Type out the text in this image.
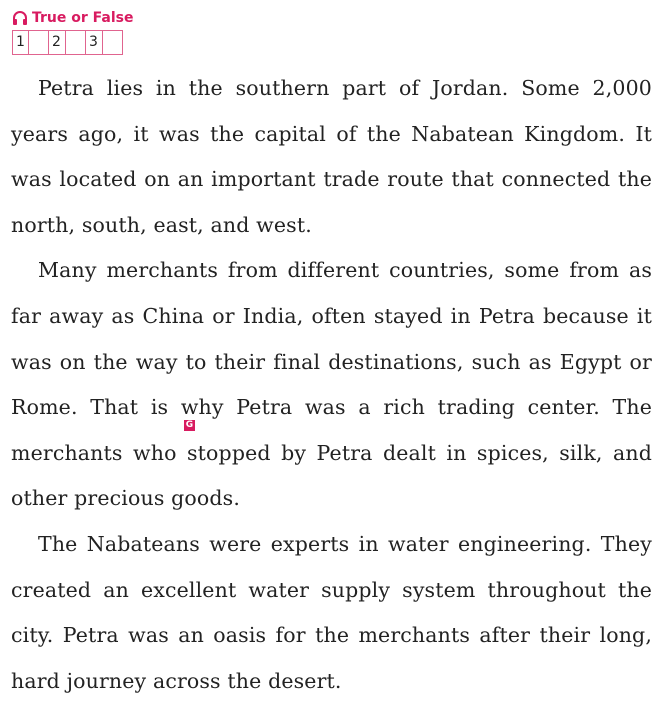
True or False
1 2	3

Petra lies in the southern part of Jordan. Some 2,000 years ago, it was the capital of the Nabatean Kingdom. It was located on an important trade route that connected the north, south, east, and west.

Many merchants from different countries, some from as far away as China or India, often stayed in Petra because it was on the way to their final destinations, such as Egypt or Rome. That is why Petra was a rich trading center. The merchants who stopped by Petra dealt in spices, silk, and other precious goods.

The Nabateans were experts in water engineering. They created an excellent water supply system throughout the city. Petra was an oasis for the merchants after their long, hard journey across the desert.

G
